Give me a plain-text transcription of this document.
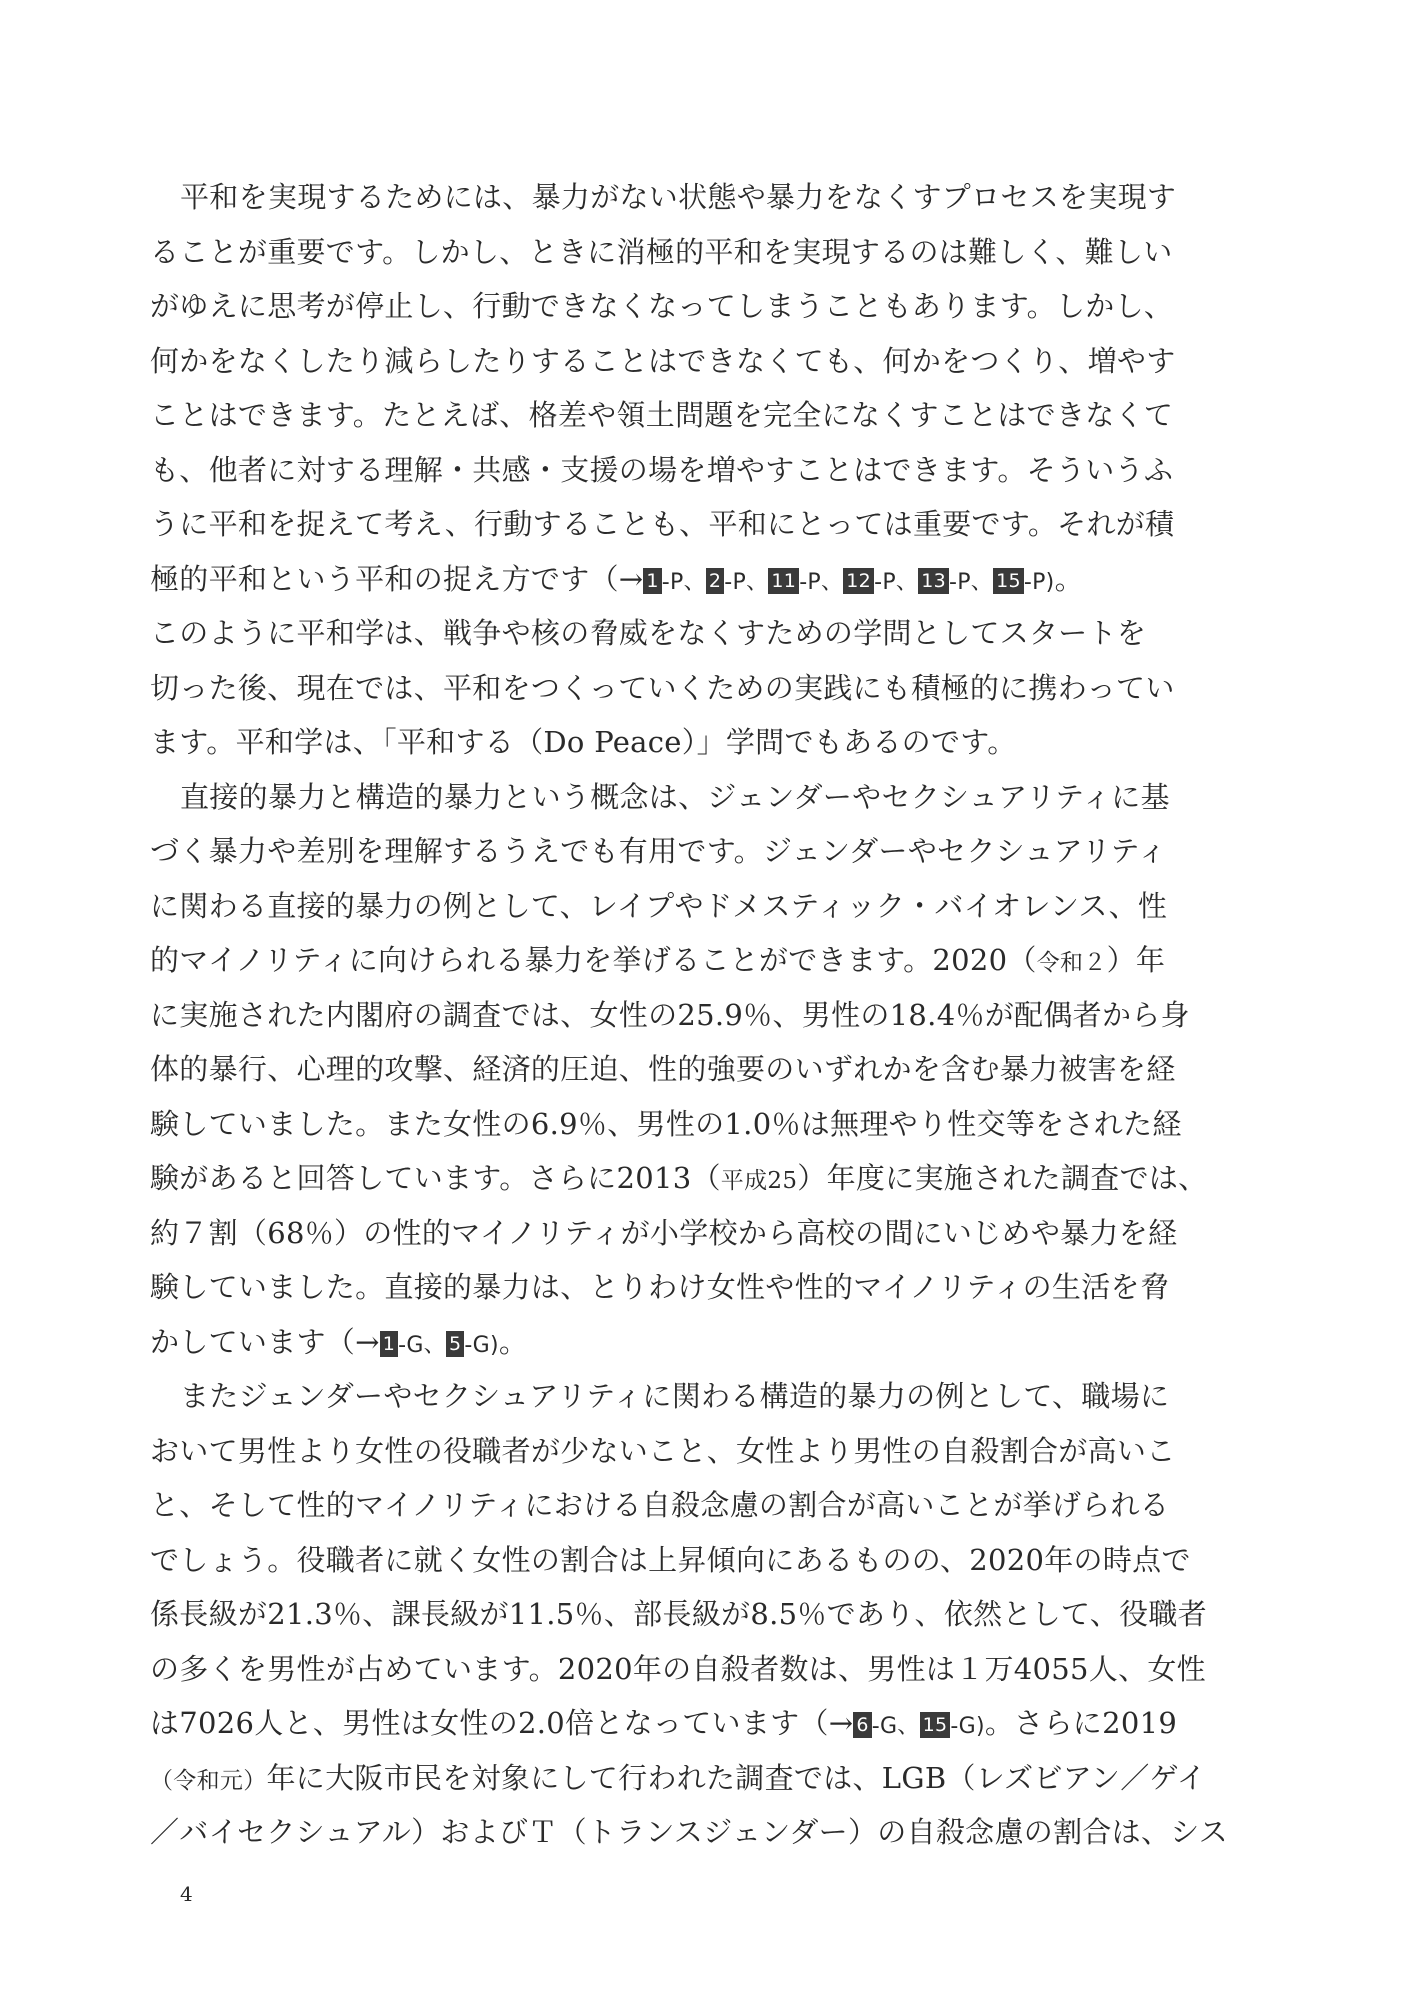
平和を実現するためには、暴力がない状態や暴力をなくすプロセスを実現す
ることが重要です。しかし、ときに消極的平和を実現するのは難しく、難しい
がゆえに思考が停止し、行動できなくなってしまうこともあります。しかし、
何かをなくしたり減らしたりすることはできなくても、何かをつくり、増やす
ことはできます。たとえば、格差や領土問題を完全になくすことはできなくて
も、他者に対する理解・共感・支援の場を増やすことはできます。そういうふ
うに平和を捉えて考え、行動することも、平和にとっては重要です。それが積
極的平和という平和の捉え方です（→ 1 -P、 2 -P、 11 -P、 12 -P、 13 -P、 15 -P)。
このように平和学は、戦争や核の脅威をなくすための学問としてスタートを
切った後、現在では、平和をつくっていくための実践にも積極的に携わってい
ます。平和学は、「平和する（Do Peace）」学問でもあるのです。
直接的暴力と構造的暴力という概念は、ジェンダーやセクシュアリティに基
づく暴力や差別を理解するうえでも有用です。ジェンダーやセクシュアリティ
に関わる直接的暴力の例として、レイプやドメスティック・バイオレンス、性
的マイノリティに向けられる暴力を挙げることができます。2020（令和２）年
に実施された内閣府の調査では、女性の25.9％、男性の18.4％が配偶者から身
体的暴行、心理的攻撃、経済的圧迫、性的強要のいずれかを含む暴力被害を経
験していました。また女性の6.9％、男性の1.0％は無理やり性交等をされた経
験があると回答しています。さらに2013（平成25）年度に実施された調査では、
約７割（68％）の性的マイノリティが小学校から高校の間にいじめや暴力を経
験していました。直接的暴力は、とりわけ女性や性的マイノリティの生活を脅
かしています（→ 1 -G、 5 -G)。
またジェンダーやセクシュアリティに関わる構造的暴力の例として、職場に
おいて男性より女性の役職者が少ないこと、女性より男性の自殺割合が高いこ
と、そして性的マイノリティにおける自殺念慮の割合が高いことが挙げられる
でしょう。役職者に就く女性の割合は上昇傾向にあるものの、2020年の時点で
係長級が21.3％、課長級が11.5％、部長級が8.5％であり、依然として、役職者
の多くを男性が占めています。2020年の自殺者数は、男性は１万4055人、女性
は7026人と、男性は女性の2.0倍となっています（→ 6 -G、 15 -G)。さらに2019
（令和元）年に大阪市民を対象にして行われた調査では、LGB（レズビアン／ゲイ
／バイセクシュアル）およびＴ（トランスジェンダー）の自殺念慮の割合は、シス
4
